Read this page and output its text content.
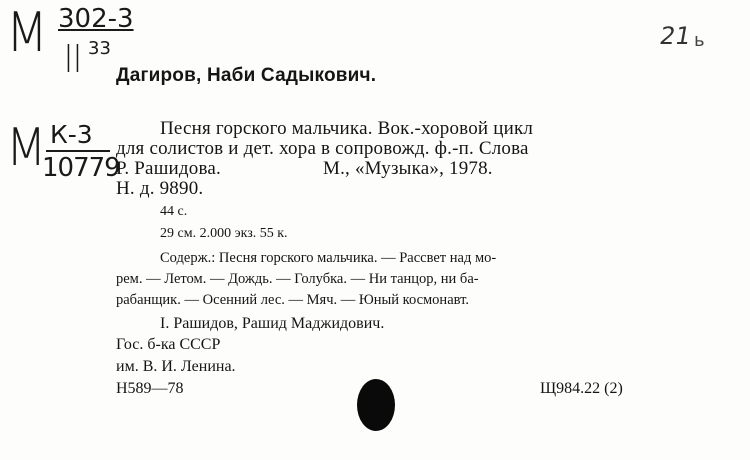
М 302-3
II 33
М К-3
10779
21 ь
Дагиров, Наби Садыкович.
Песня горского мальчика. Вок.-хоровой цикл
для солистов и дет. хора в сопровожд. ф.-п. Слова
Р. Рашидова.	М., «Музыка», 1978.
Н. д. 9890.
44 с.
29 см. 2.000 экз. 55 к.
Содерж.: Песня горского мальчика. — Рассвет над мо-
рем. — Летом. — Дождь. — Голубка. — Ни танцор, ни ба-
рабанщик. — Осенний лес. — Мяч. — Юный космонавт.
I. Рашидов, Рашид Маджидович.
Гос. б-ка СССР
им. В. И. Ленина.
Н589—78	Щ984.22 (2)
